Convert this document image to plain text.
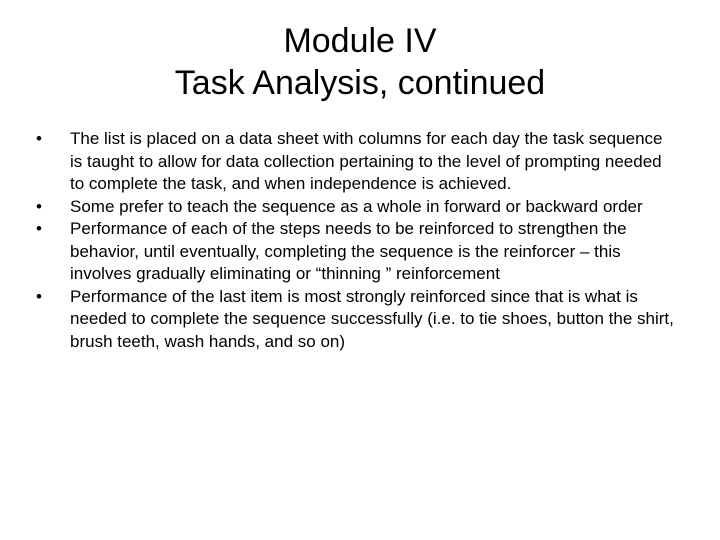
Module IV
Task Analysis, continued
•	The list is placed on a data sheet with columns for each day the task sequence is taught to allow for data collection pertaining to the level of prompting needed to complete the task, and when independence is achieved.
•	Some prefer to teach the sequence as a whole in forward or backward order
•	Performance of each of the steps needs to be reinforced to strengthen the behavior, until eventually, completing the sequence is the reinforcer – this involves gradually eliminating or “thinning ” reinforcement
•	Performance of the last item is most strongly reinforced since that is what is needed to complete the sequence successfully (i.e. to tie shoes, button the shirt, brush teeth, wash hands, and so on)
